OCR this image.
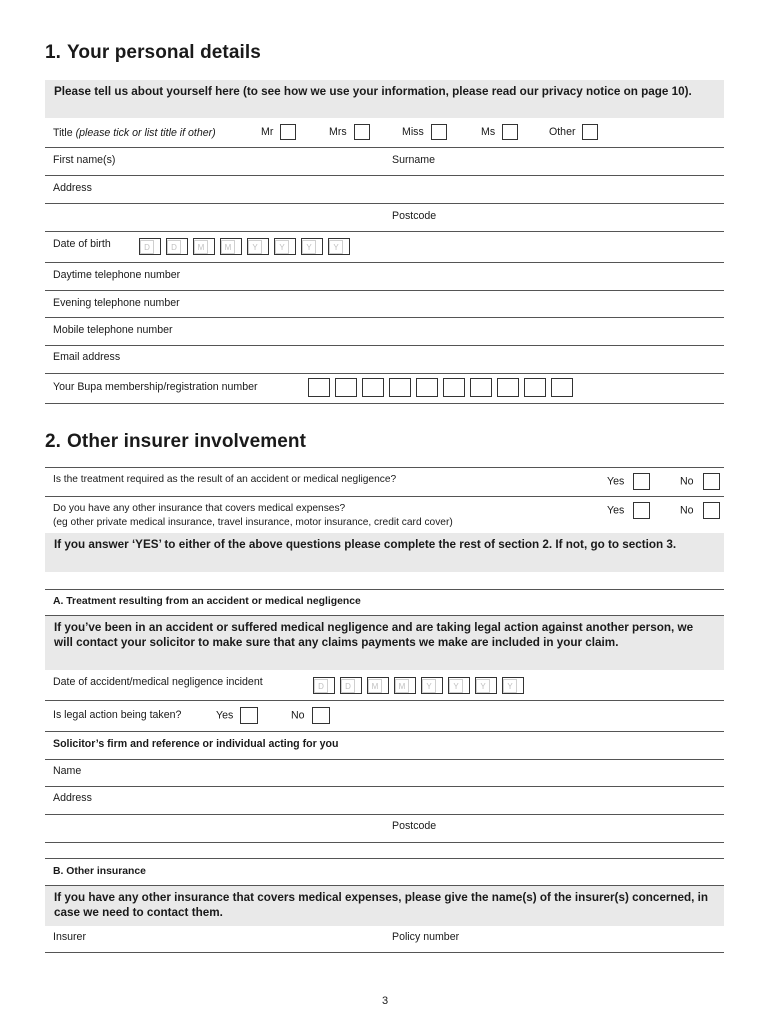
1. Your personal details
Please tell us about yourself here (to see how we use your information, please read our privacy notice on page 10).
Title (please tick or list title if other)	Mr	Mrs	Miss	Ms	Other
First name(s)	Surname
Address
Postcode
Date of birth	D	D	M	M	Y	Y	Y	Y
Daytime telephone number
Evening telephone number
Mobile telephone number
Email address
Your Bupa membership/registration number
2. Other insurer involvement
Is the treatment required as the result of an accident or medical negligence?	Yes	No
Do you have any other insurance that covers medical expenses?
(eg other private medical insurance, travel insurance, motor insurance, credit card cover)
Yes	No
If you answer ‘YES’ to either of the above questions please complete the rest of section 2. If not, go to section 3.
A. Treatment resulting from an accident or medical negligence
If you’ve been in an accident or suffered medical negligence and are taking legal action against another person, we will contact your solicitor to make sure that any claims payments we make are included in your claim.
Date of accident/medical negligence incident	D	D	M	M	Y	Y	Y	Y
Is legal action being taken?	Yes	No
Solicitor’s firm and reference or individual acting for you
Name
Address
Postcode
B. Other insurance
If you have any other insurance that covers medical expenses, please give the name(s) of the insurer(s) concerned, in case we need to contact them.
Insurer	Policy number
3
